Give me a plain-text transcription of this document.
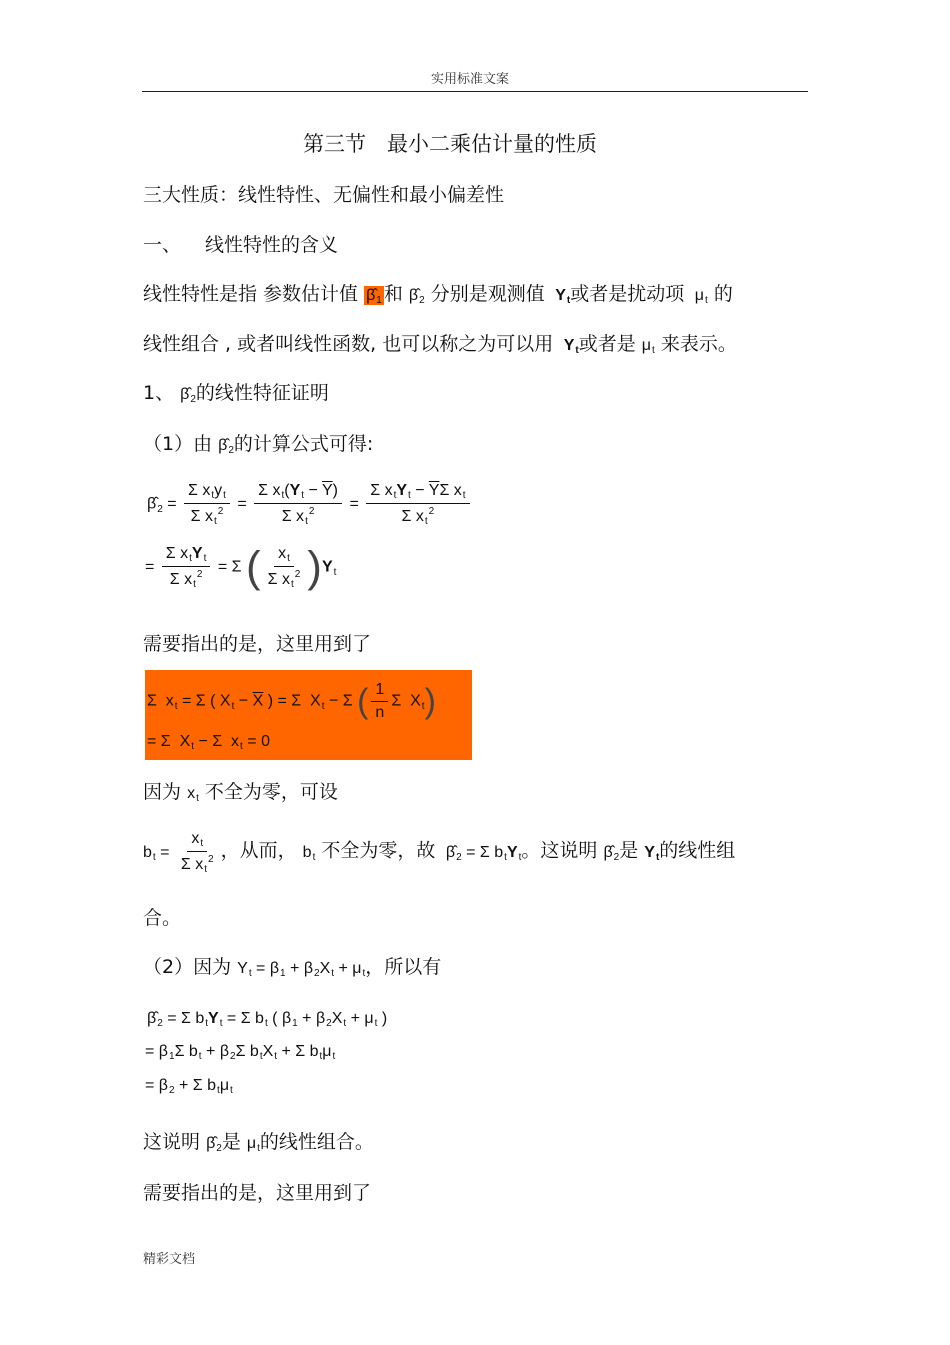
实用标准文案
第三节　最小二乘估计量的性质
三大性质：线性特性、无偏性和最小偏差性
一、 线性特性的含义
线性特性是指 参数估计值 $\betâ_1$ 和 $\betâ_2$ 分别是观测值  $Y_t$或者是扰动项  $\mu_t$ 的
线性组合 , 或者叫线性函数, 也可以称之为可以用  $Y_t$或者是 $\mu_t$ 来表示。
1、 $\betâ_2$的线性特征证明
（1）由 $\betâ_2$的计算公式可得:
$\betâ_2 = \frac{\Sigma x_ty_t}{\Sigma x_t^2} = \frac{\Sigma x_t(Y_t - \overline{Y})}{\Sigma x_t^2} = \frac{\Sigma x_tY_t - \overline{Y}\Sigma x_t}{\Sigma x_t^2}$
= $\frac{\Sigma x_tY_t}{\Sigma x_t^2} = \Sigma$ ( $\frac{x_t}{\Sigma x_t^2} )Y_t$
需要指出的是，这里用到了
Σ  $x_t = \Sigma$ ( $X_t - \overline{X}$ ) = Σ  $X_t - \Sigma$ ( $\frac{1}{n}$ Σ  $X_t$)
= Σ  $X_t - \Sigma$  $x_t = 0$
因为 $x_t$ 不全为零，可设
$b_t = \frac{x_t}{\Sigma x_t^2}$ ，从而， $b_t$ 不全为零，故  $\betâ_2 = \Sigma$ $b_tY_t$。这说明 $\betâ_2$是 $Y_t$的线性组
合。
（2）因为 $Y_t = \beta_1 + \beta_2X_t + \mu_t$，所以有
$\betâ_2 = \Sigma$ $b_tY_t = \Sigma$ $b_t$ ( $\beta_1 + \beta_2X_t + \mu_t$ )
= $\beta_1\Sigma$ $b_t + \beta_2\Sigma$ $b_tX_t + \Sigma$ $b_t\mu_t$
= $\beta_2 + \Sigma$ $b_t\mu_t$
这说明 $\betâ_2$是 $\mu_t$的线性组合。
需要指出的是，这里用到了
精彩文档
